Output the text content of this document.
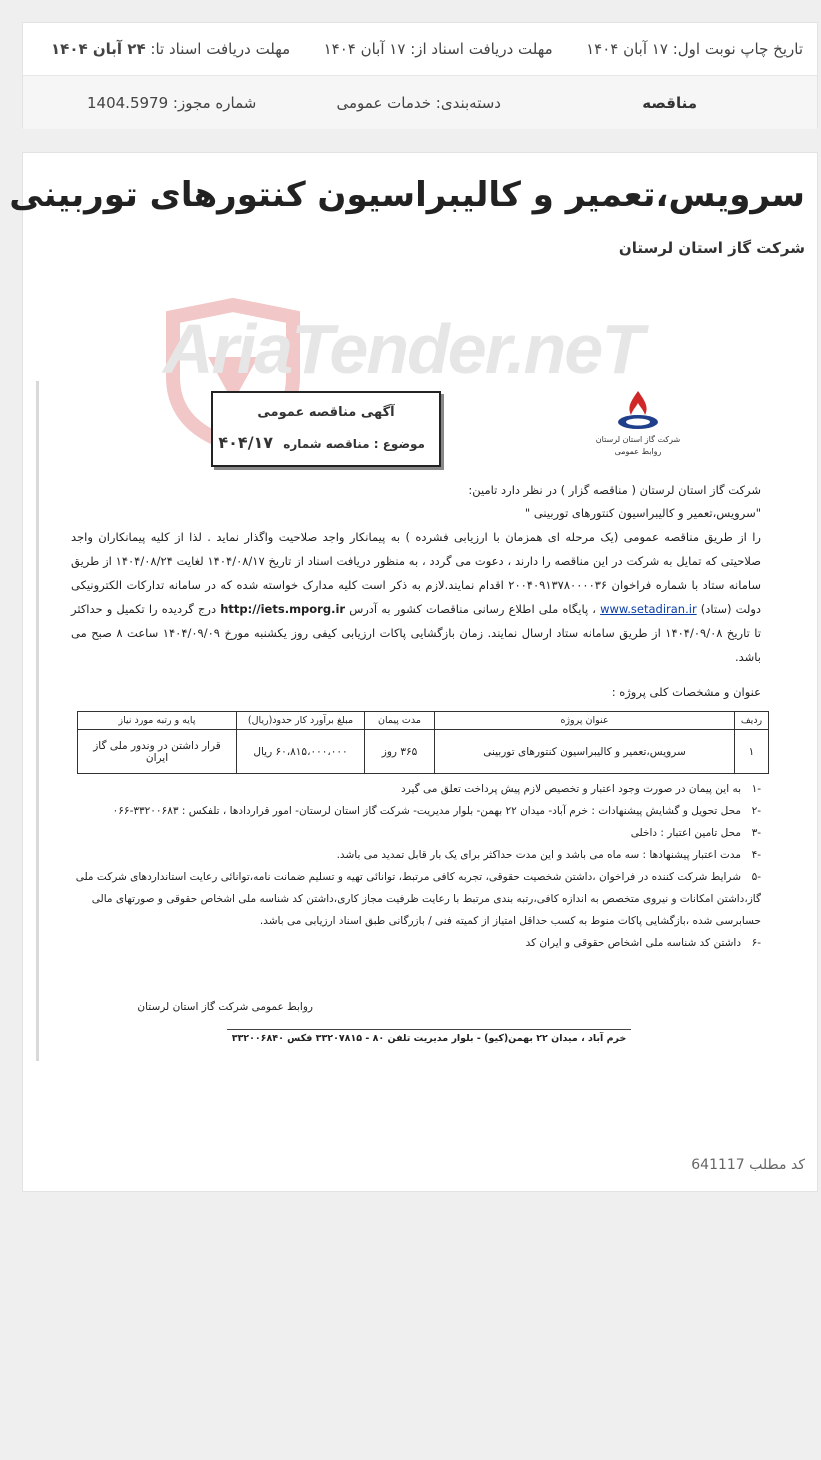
تاریخ چاپ نوبت اول: ۱۷ آبان ۱۴۰۴
مهلت دریافت اسناد از: ۱۷ آبان ۱۴۰۴
مهلت دریافت اسناد تا: ۲۴ آبان ۱۴۰۴
مناقصه
دسته‌بندی: خدمات عمومی
شماره مجوز: 1404.5979
سرویس،تعمیر و کالیبراسیون کنتورهای توربینی
شرکت گاز استان لرستان
AriaTender.neT
آگهی مناقصه عمومی
موضوع : مناقصه شماره ۴۰۴/۱۷	شرکت گاز استان لرستان
روابط عمومی
شرکت گاز استان لرستان ( مناقصه گزار ) در نظر دارد تامین:
"سرویس،تعمیر و کالیبراسیون کنتورهای توربینی "
را از طریق مناقصه عمومی (یک مرحله ای همزمان با ارزیابی فشرده ) به پیمانکار واجد صلاحیت واگذار نماید . لذا از کلیه پیمانکاران واجد صلاحیتی که تمایل به شرکت در این مناقصه را دارند ، دعوت می گردد ، به منظور دریافت اسناد از تاریخ ۱۴۰۴/۰۸/۱۷ لغایت ۱۴۰۴/۰۸/۲۴ از طریق سامانه ستاد با شماره فراخوان ۲۰۰۴۰۹۱۳۷۸۰۰۰۰۳۶ اقدام نمایند.لازم به ذکر است کلیه مدارک خواسته شده که در سامانه تدارکات الکترونیکی دولت (ستاد) www.setadiran.ir ، پایگاه ملی اطلاع رسانی مناقصات کشور به آدرس http://iets.mporg.ir درج گردیده را تکمیل و حداکثر تا تاریخ ۱۴۰۴/۰۹/۰۸ از طریق سامانه ستاد ارسال نمایند. زمان بازگشایی پاکات ارزیابی کیفی روز یکشنبه مورخ ۱۴۰۴/۰۹/۰۹ ساعت ۸ صبح می باشد.
عنوان و مشخصات کلی پروژه :
ردیف	عنوان پروژه	مدت پیمان	مبلغ برآورد کار حدود(ریال)	پایه و رتبه مورد نیاز
۱	سرویس،تعمیر و کالیبراسیون کنتورهای توربینی	۳۶۵ روز	۶۰،۸۱۵،۰۰۰،۰۰۰ ریال	قرار داشتن در وندور ملی گاز ایران
-۱به این پیمان در صورت وجود اعتبار و تخصیص لازم پیش پرداخت تعلق می گیرد
-۲محل تحویل و گشایش پیشنهادات : خرم آباد- میدان ۲۲ بهمن- بلوار مدیریت- شرکت گاز استان لرستان- امور قراردادها ، تلفکس : ۳۳۲۰۰۶۸۳-۰۶۶
-۳محل تامین اعتبار : داخلی
-۴مدت اعتبار پیشنهادها : سه ماه می باشد و این مدت حداکثر برای یک بار قابل تمدید می باشد.
-۵شرایط شرکت کننده در فراخوان ،داشتن شخصیت حقوقی، تجربه کافی مرتبط، توانائی تهیه و تسلیم ضمانت نامه،توانائی رعایت استانداردهای شرکت ملی گاز،داشتن امکانات و نیروی متخصص به اندازه کافی،رتبه بندی مرتبط با رعایت ظرفیت مجاز کاری،داشتن کد شناسه ملی اشخاص حقوقی و صورتهای مالی حسابرسی شده ،بازگشایی پاکات منوط به کسب حداقل امتیاز از کمیته فنی / بازرگانی طبق اسناد ارزیابی می باشد.
-۶داشتن کد شناسه ملی اشخاص حقوقی و ایران کد
روابط عمومی شرکت گاز استان لرستان
خرم آباد ، میدان ۲۲ بهمن(کیو) - بلوار مدیریت تلفن ۸۰ - ۳۳۲۰۷۸۱۵ فکس ۳۳۲۰۰۶۸۴۰
کد مطلب 641117
